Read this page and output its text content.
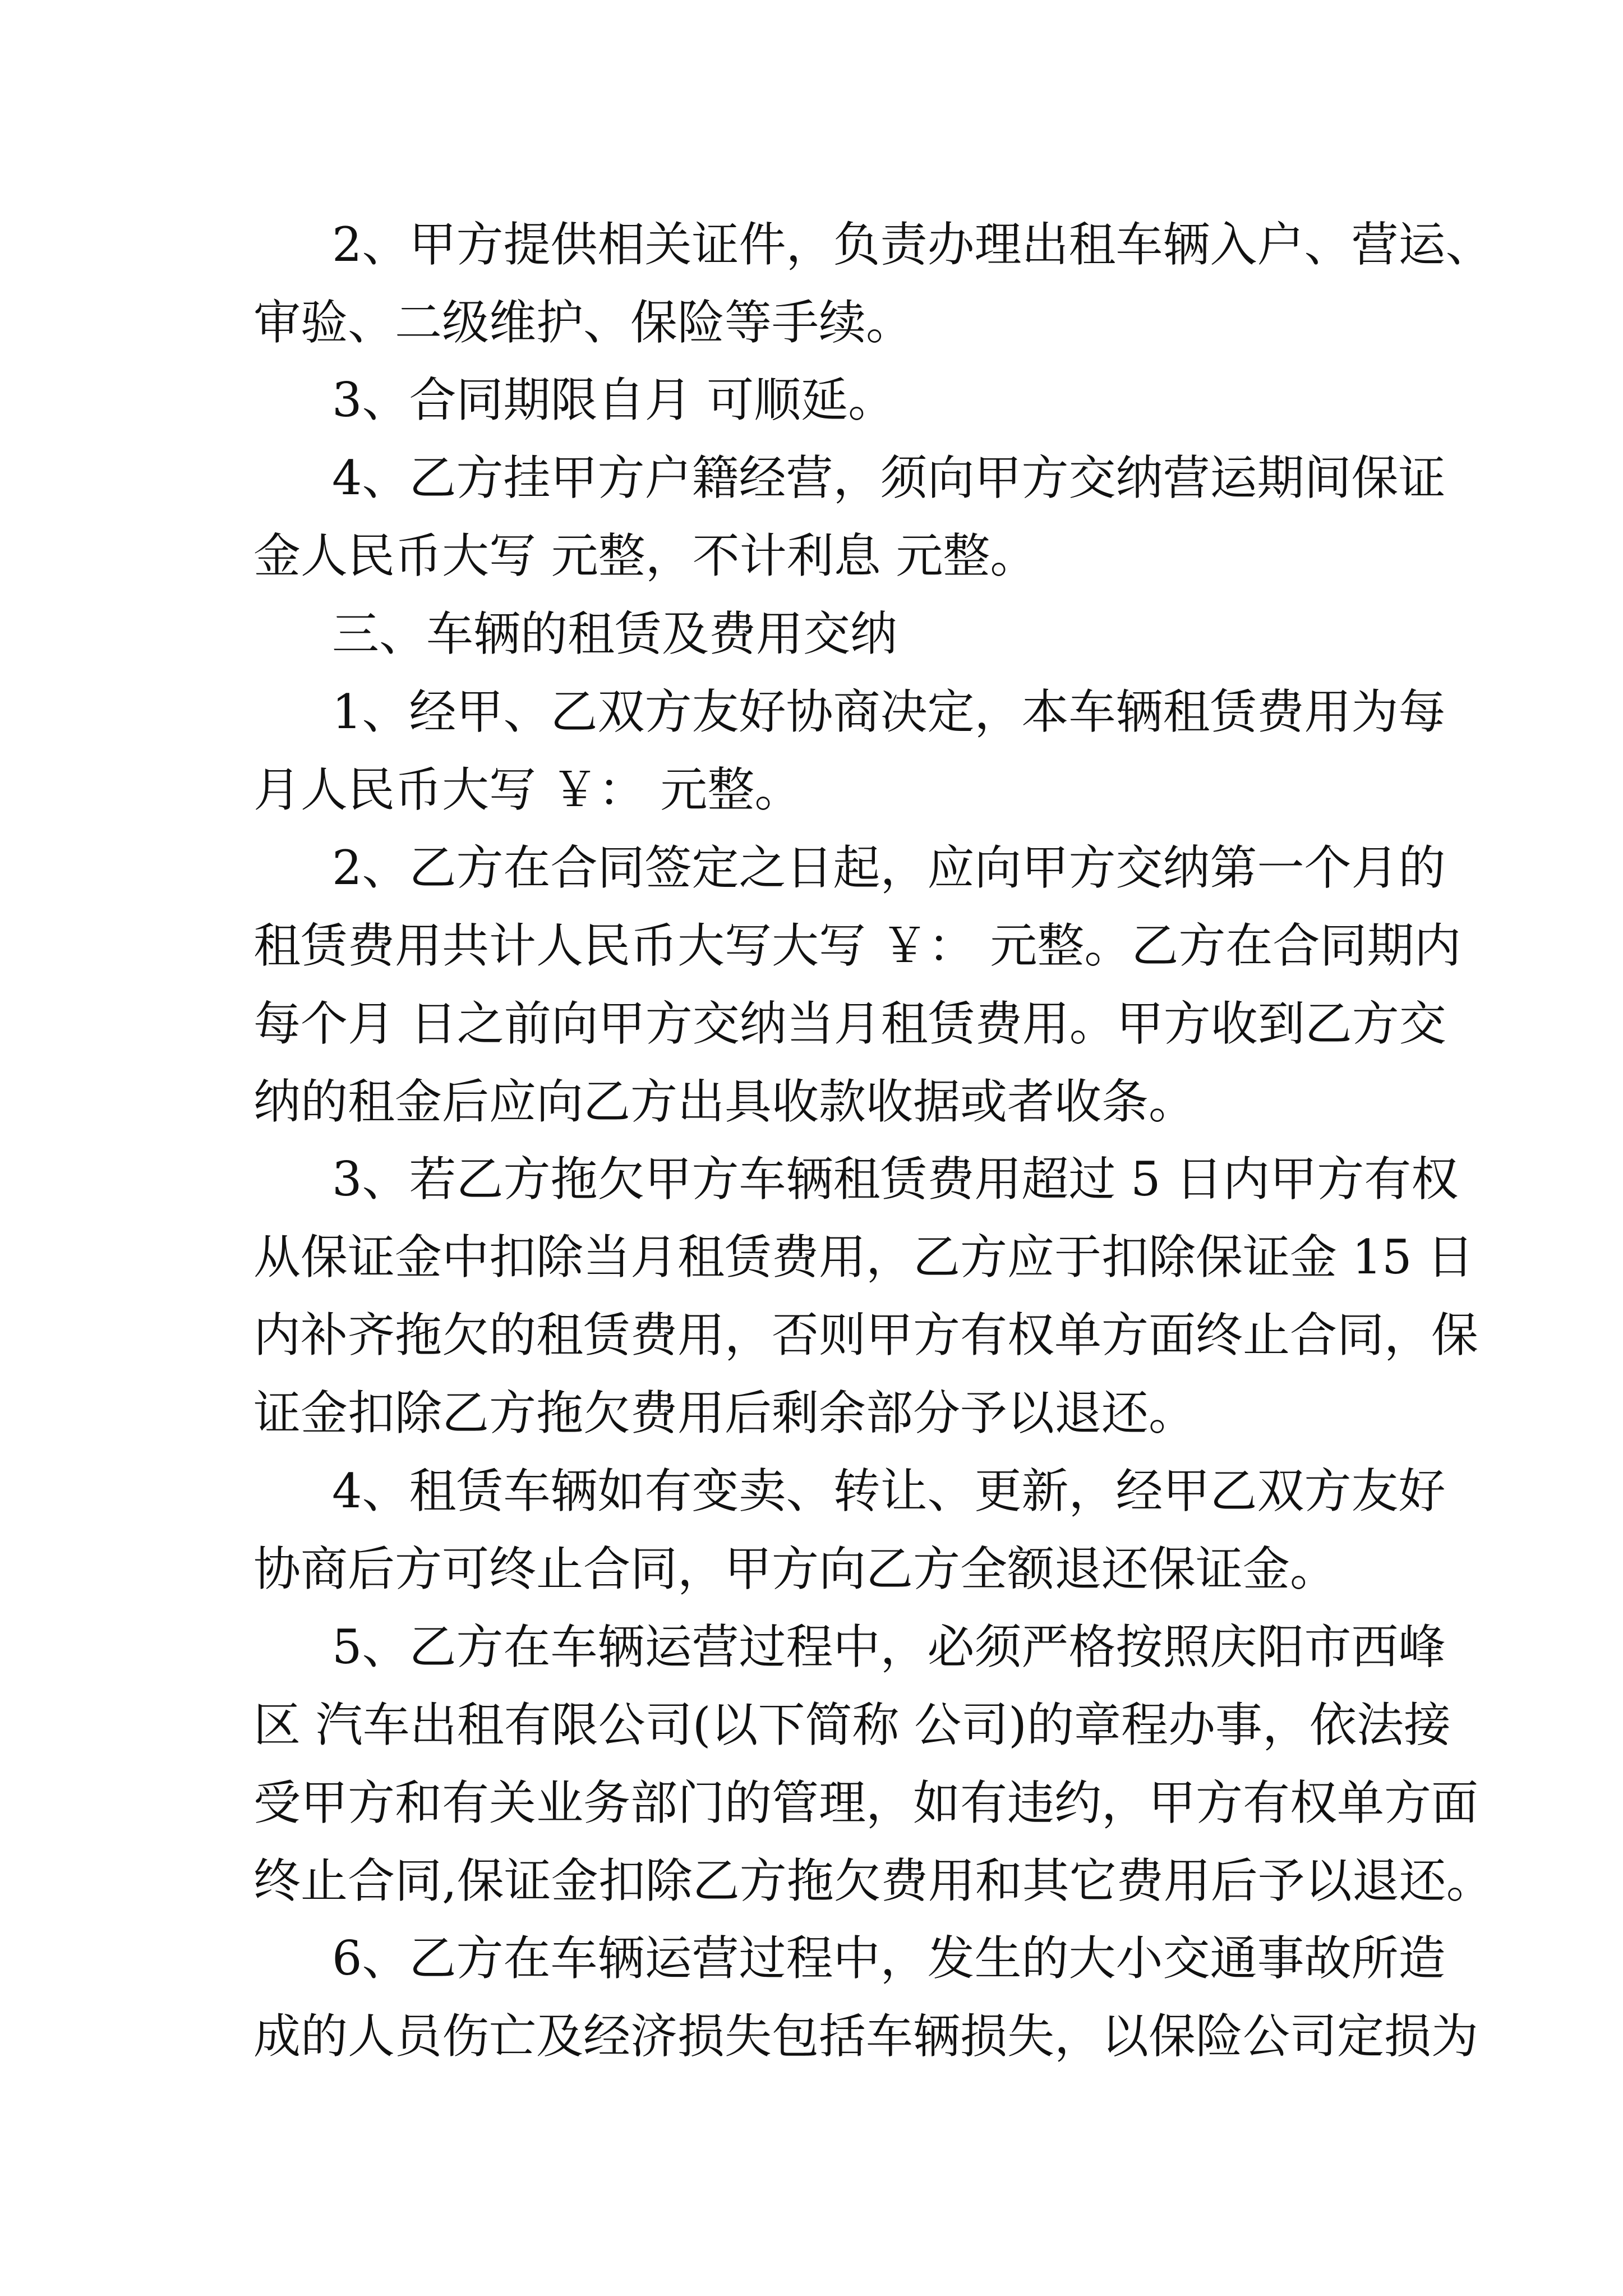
2、甲方提供相关证件，负责办理出租车辆入户、营运、
审验、二级维护、保险等手续。
3、合同期限自月 可顺延。
4、乙方挂甲方户籍经营，须向甲方交纳营运期间保证
金人民币大写 元整，不计利息 元整。
三、车辆的租赁及费用交纳
1、经甲、乙双方友好协商决定，本车辆租赁费用为每
月人民币大写 ￥： 元整。
2、乙方在合同签定之日起，应向甲方交纳第一个月的
租赁费用共计人民币大写大写 ￥： 元整。乙方在合同期内
每个月 日之前向甲方交纳当月租赁费用。甲方收到乙方交
纳的租金后应向乙方出具收款收据或者收条。
3、若乙方拖欠甲方车辆租赁费用超过 5 日内甲方有权
从保证金中扣除当月租赁费用，乙方应于扣除保证金 15 日
内补齐拖欠的租赁费用，否则甲方有权单方面终止合同，保
证金扣除乙方拖欠费用后剩余部分予以退还。
4、租赁车辆如有变卖、转让、更新，经甲乙双方友好
协商后方可终止合同，甲方向乙方全额退还保证金。
5、乙方在车辆运营过程中，必须严格按照庆阳市西峰
区 汽车出租有限公司(以下简称 公司)的章程办事，依法接
受甲方和有关业务部门的管理，如有违约，甲方有权单方面
终止合同,保证金扣除乙方拖欠费用和其它费用后予以退还。
6、乙方在车辆运营过程中，发生的大小交通事故所造
成的人员伤亡及经济损失包括车辆损失，以保险公司定损为
